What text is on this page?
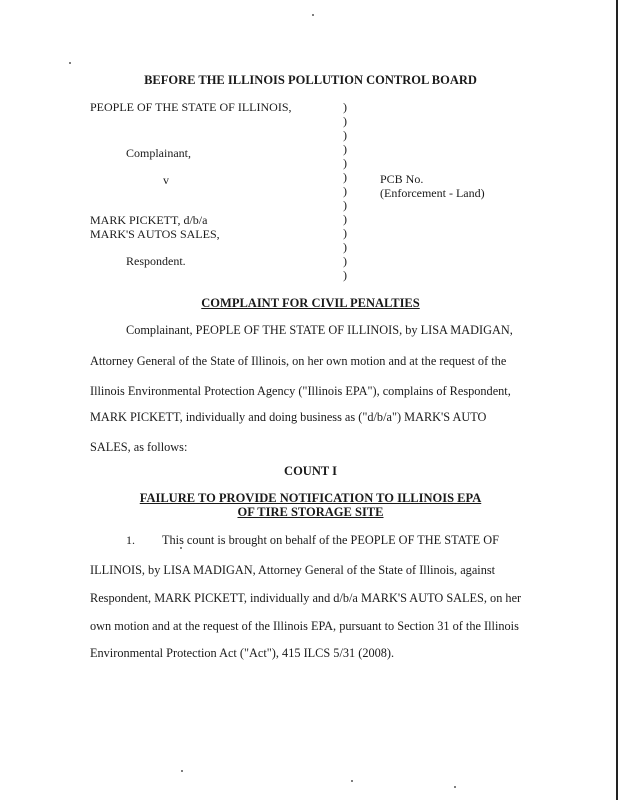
BEFORE THE ILLINOIS POLLUTION CONTROL BOARD
PEOPLE OF THE STATE OF ILLINOIS,
Complainant,
v
MARK PICKETT, d/b/a
MARK'S AUTOS SALES,
Respondent.
)
)
)
)
)
)
)
)
)
)
)
)
)
PCB No.
(Enforcement - Land)
COMPLAINT FOR CIVIL PENALTIES
Complainant, PEOPLE OF THE STATE OF ILLINOIS, by LISA MADIGAN,
Attorney General of the State of Illinois, on her own motion and at the request of the
Illinois Environmental Protection Agency ("Illinois EPA"), complains of Respondent,
MARK PICKETT, individually and doing business as ("d/b/a") MARK'S AUTO
SALES, as follows:
COUNT I
FAILURE TO PROVIDE NOTIFICATION TO ILLINOIS EPA
OF TIRE STORAGE SITE
1. This count is brought on behalf of the PEOPLE OF THE STATE OF
ILLINOIS, by LISA MADIGAN, Attorney General of the State of Illinois, against
Respondent, MARK PICKETT, individually and d/b/a MARK'S AUTO SALES, on her
own motion and at the request of the Illinois EPA, pursuant to Section 31 of the Illinois
Environmental Protection Act ("Act"), 415 ILCS 5/31 (2008).
